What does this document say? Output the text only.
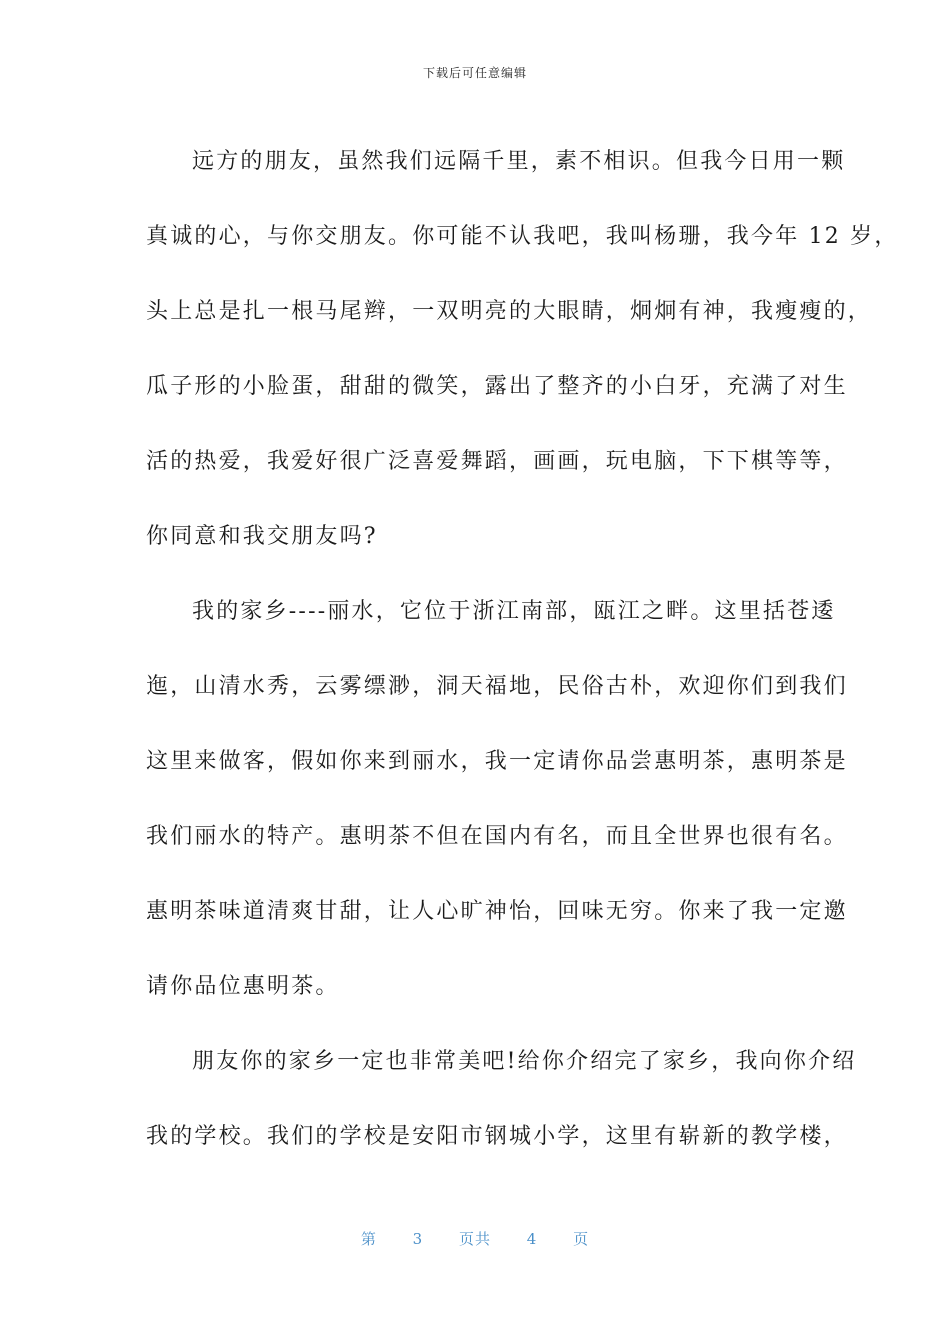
下载后可任意编辑
远方的朋友，虽然我们远隔千里，素不相识。但我今日用一颗
真诚的心，与你交朋友。你可能不认我吧，我叫杨珊，我今年 12 岁，
头上总是扎一根马尾辫，一双明亮的大眼睛，炯炯有神，我瘦瘦的，
瓜子形的小脸蛋，甜甜的微笑，露出了整齐的小白牙，充满了对生
活的热爱，我爱好很广泛喜爱舞蹈，画画，玩电脑，下下棋等等，
你同意和我交朋友吗?
我的家乡----丽水，它位于浙江南部，瓯江之畔。这里括苍逶
迤，山清水秀，云雾缥渺，洞天福地，民俗古朴，欢迎你们到我们
这里来做客，假如你来到丽水，我一定请你品尝惠明茶，惠明茶是
我们丽水的特产。惠明茶不但在国内有名，而且全世界也很有名。
惠明茶味道清爽甘甜，让人心旷神怡，回味无穷。你来了我一定邀
请你品位惠明茶。
朋友你的家乡一定也非常美吧!给你介绍完了家乡，我向你介绍
我的学校。我们的学校是安阳市钢城小学，这里有崭新的教学楼，
第 3 页共 4 页
